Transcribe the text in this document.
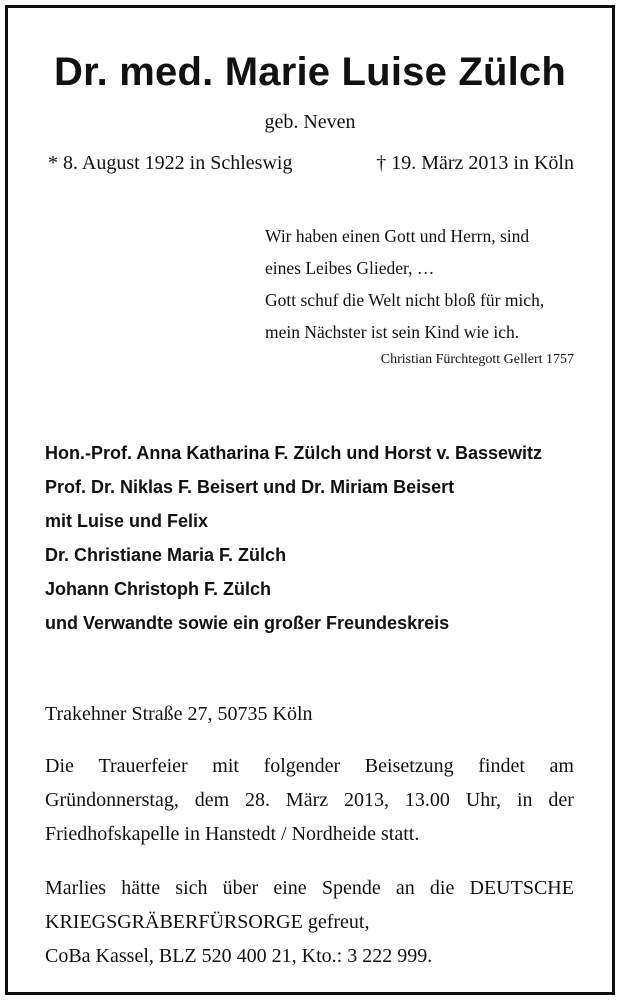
Dr. med. Marie Luise Zülch
geb. Neven
* 8. August 1922 in Schleswig	† 19. März 2013 in Köln
Wir haben einen Gott und Herrn, sind
eines Leibes Glieder, …
Gott schuf die Welt nicht bloß für mich,
mein Nächster ist sein Kind wie ich.
Christian Fürchtegott Gellert 1757
Hon.-Prof. Anna Katharina F. Zülch und Horst v. Bassewitz
Prof. Dr. Niklas F. Beisert und Dr. Miriam Beisert
mit Luise und Felix
Dr. Christiane Maria F. Zülch
Johann Christoph F. Zülch
und Verwandte sowie ein großer Freundeskreis
Trakehner Straße 27, 50735 Köln
Die Trauerfeier mit folgender Beisetzung findet am
Gründonnerstag, dem 28. März 2013, 13.00 Uhr, in der
Friedhofskapelle in Hanstedt / Nordheide statt.
Marlies hätte sich über eine Spende an die DEUTSCHE
KRIEGSGRÄBERFÜRSORGE gefreut,
CoBa Kassel, BLZ 520 400 21, Kto.: 3 222 999.
